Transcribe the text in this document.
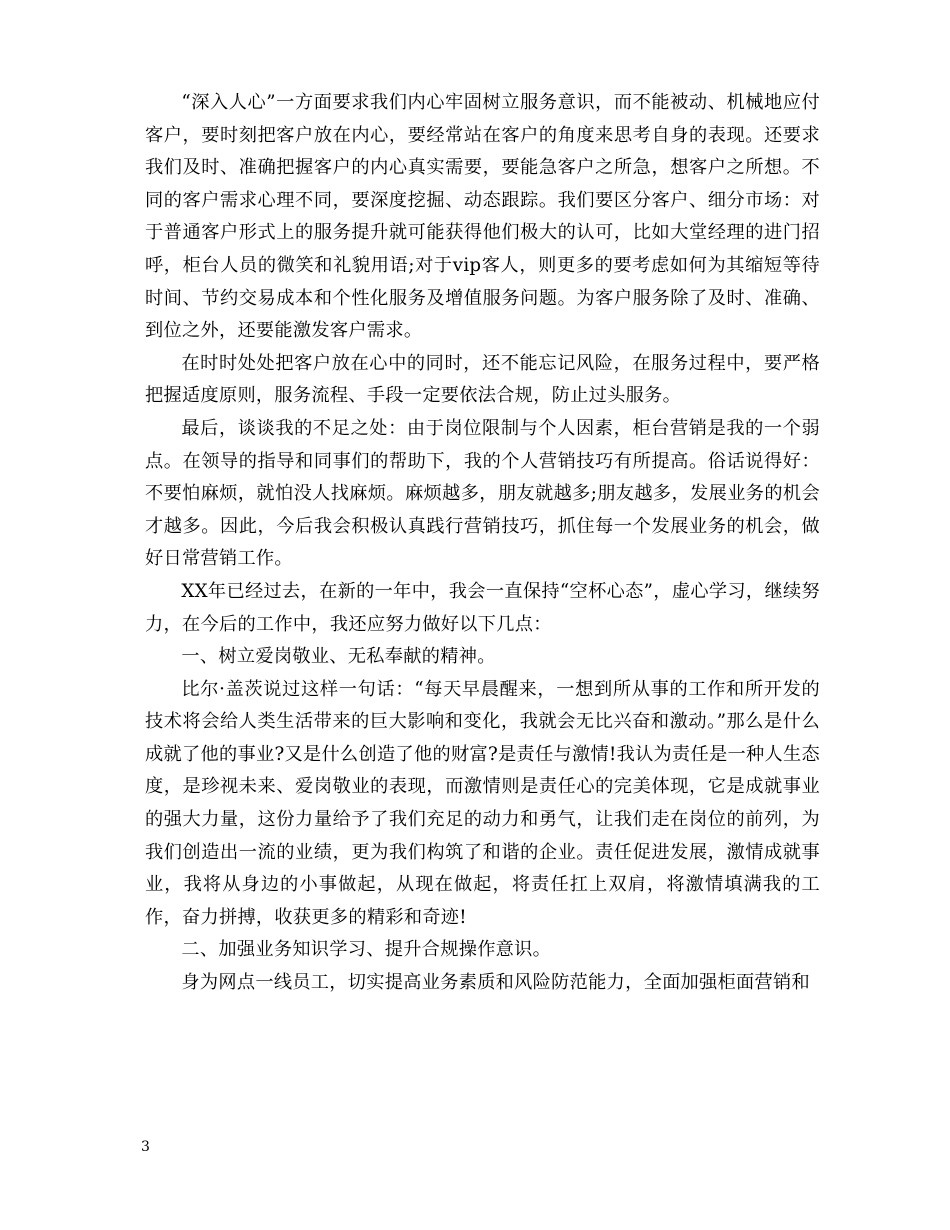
“深入人心”一方面要求我们内心牢固树立服务意识，而不能被动、机械地应付客户，要时刻把客户放在内心，要经常站在客户的角度来思考自身的表现。还要求我们及时、准确把握客户的内心真实需要，要能急客户之所急，想客户之所想。不同的客户需求心理不同，要深度挖掘、动态跟踪。我们要区分客户、细分市场：对于普通客户形式上的服务提升就可能获得他们极大的认可，比如大堂经理的进门招呼，柜台人员的微笑和礼貌用语;对于vip客人，则更多的要考虑如何为其缩短等待时间、节约交易成本和个性化服务及增值服务问题。为客户服务除了及时、准确、到位之外，还要能激发客户需求。

在时时处处把客户放在心中的同时，还不能忘记风险，在服务过程中，要严格把握适度原则，服务流程、手段一定要依法合规，防止过头服务。

最后，谈谈我的不足之处：由于岗位限制与个人因素，柜台营销是我的一个弱点。在领导的指导和同事们的帮助下，我的个人营销技巧有所提高。俗话说得好：不要怕麻烦，就怕没人找麻烦。麻烦越多，朋友就越多;朋友越多，发展业务的机会才越多。因此，今后我会积极认真践行营销技巧，抓住每一个发展业务的机会，做好日常营销工作。

XX年已经过去，在新的一年中，我会一直保持“空杯心态”，虚心学习，继续努力，在今后的工作中，我还应努力做好以下几点：

一、树立爱岗敬业、无私奉献的精神。

比尔·盖茨说过这样一句话：“每天早晨醒来，一想到所从事的工作和所开发的技术将会给人类生活带来的巨大影响和变化，我就会无比兴奋和激动。”那么是什么成就了他的事业?又是什么创造了他的财富?是责任与激情!我认为责任是一种人生态度，是珍视未来、爱岗敬业的表现，而激情则是责任心的完美体现，它是成就事业的强大力量，这份力量给予了我们充足的动力和勇气，让我们走在岗位的前列，为我们创造出一流的业绩，更为我们构筑了和谐的企业。责任促进发展，激情成就事业，我将从身边的小事做起，从现在做起，将责任扛上双肩，将激情填满我的工作，奋力拼搏，收获更多的精彩和奇迹!

二、加强业务知识学习、提升合规操作意识。

身为网点一线员工，切实提高业务素质和风险防范能力，全面加强柜面营销和

3
